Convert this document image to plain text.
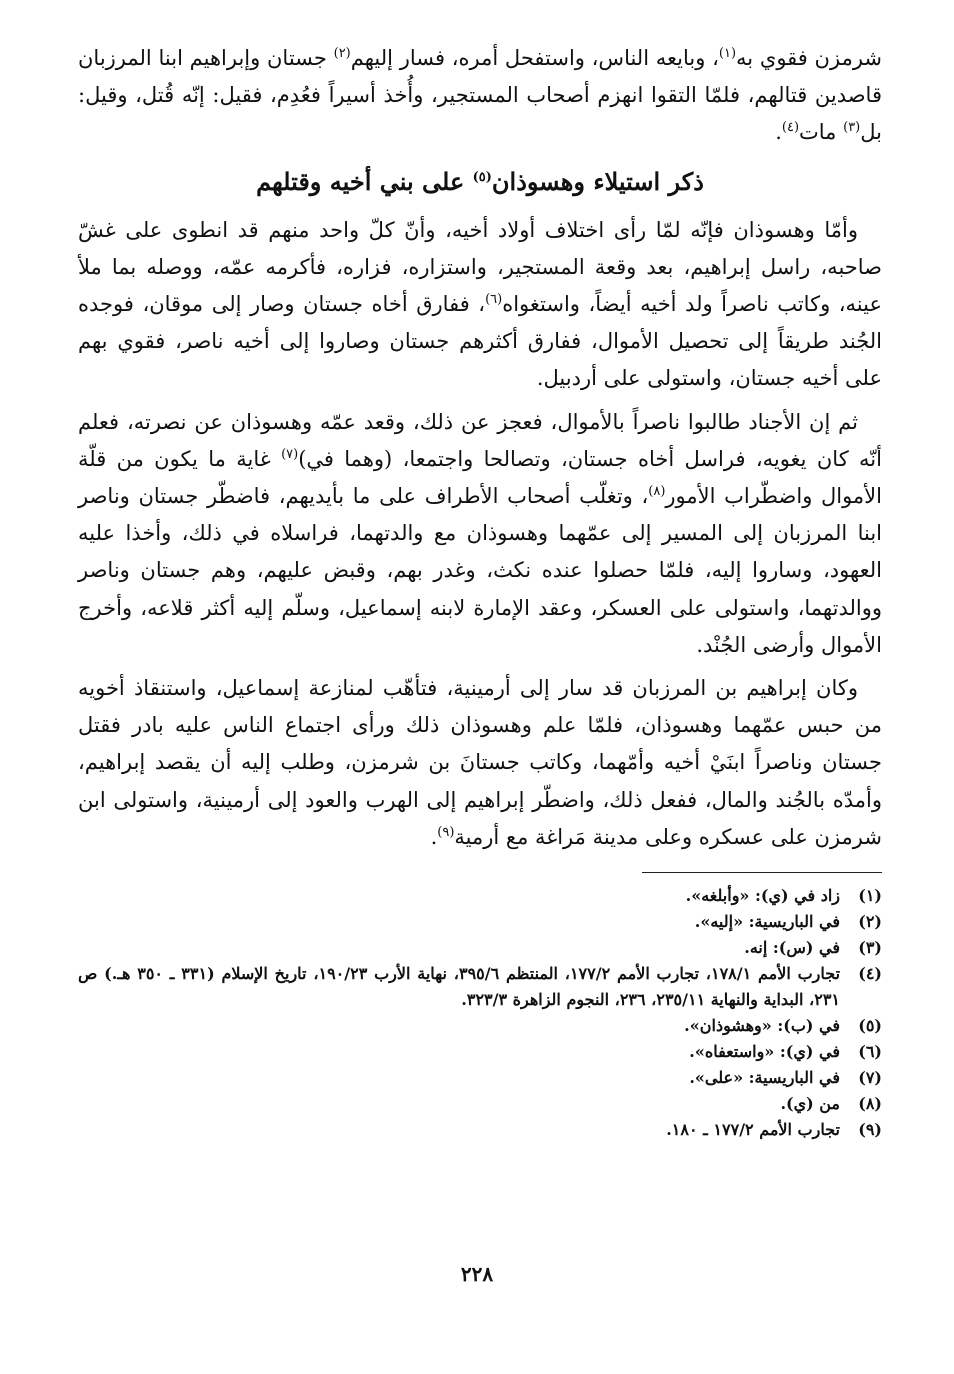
شرمزن فقوي به$^{(١)}$، وبايعه الناس، واستفحل أمره، فسار إليهم$^{(٢)}$ جستان وإبراهيم ابنا المرزبان قاصدين قتالهم، فلمّا التقوا انهزم أصحاب المستجير، وأُخذ أسيراً فعُدِم، فقيل: إنّه قُتل، وقيل: بل$^{(٣)}$ مات$^{(٤)}$.

ذكر استيلاء وهسوذان$^{(٥)}$ على بني أخيه وقتلهم

وأمّا وهسوذان فإنّه لمّا رأى اختلاف أولاد أخيه، وأنّ كلّ واحد منهم قد انطوى على غشّ صاحبه، راسل إبراهيم، بعد وقعة المستجير، واستزاره، فزاره، فأكرمه عمّه، ووصله بما ملأ عينه، وكاتب ناصراً ولد أخيه أيضاً، واستغواه$^{(٦)}$، ففارق أخاه جستان وصار إلى موقان، فوجده الجُند طريقاً إلى تحصيل الأموال، ففارق أكثرهم جستان وصاروا إلى أخيه ناصر، فقوي بهم على أخيه جستان، واستولى على أردبيل.

ثم إن الأجناد طالبوا ناصراً بالأموال، فعجز عن ذلك، وقعد عمّه وهسوذان عن نصرته، فعلم أنّه كان يغويه، فراسل أخاه جستان، وتصالحا واجتمعا، (وهما في)$^{(٧)}$ غاية ما يكون من قلّة الأموال واضطّراب الأمور$^{(٨)}$، وتغلّب أصحاب الأطراف على ما بأيديهم، فاضطّر جستان وناصر ابنا المرزبان إلى المسير إلى عمّهما وهسوذان مع والدتهما، فراسلاه في ذلك، وأخذا عليه العهود، وساروا إليه، فلمّا حصلوا عنده نكث، وغدر بهم، وقبض عليهم، وهم جستان وناصر ووالدتهما، واستولى على العسكر، وعقد الإمارة لابنه إسماعيل، وسلّم إليه أكثر قلاعه، وأخرج الأموال وأرضى الجُنْد.

وكان إبراهيم بن المرزبان قد سار إلى أرمينية، فتأهّب لمنازعة إسماعيل، واستنقاذ أخويه من حبس عمّهما وهسوذان، فلمّا علم وهسوذان ذلك ورأى اجتماع الناس عليه بادر فقتل جستان وناصراً ابنَيْ أخيه وأمّهما، وكاتب جستانَ بن شرمزن، وطلب إليه أن يقصد إبراهيم، وأمدّه بالجُند والمال، ففعل ذلك، واضطّر إبراهيم إلى الهرب والعود إلى أرمينية، واستولى ابن شرمزن على عسكره وعلى مدينة مَراغة مع أرمية$^{(٩)}$.

(١)
زاد في (ي): «وأبلغه».
(٢)
في الباريسية: «إليه».
(٣)
في (س): إنه.
(٤)
تجارب الأمم ١٧٨/١، تجارب الأمم ١٧٧/٢، المنتظم ٣٩٥/٦، نهاية الأرب ١٩٠/٢٣، تاريخ الإسلام (٣٣١ ـ ٣٥٠ هـ.) ص ٢٣١، البداية والنهاية ٢٣٥/١١، ٢٣٦، النجوم الزاهرة ٣٢٣/٣.
(٥)
في (ب): «وهشوذان».
(٦)
في (ي): «واستعفاه».
(٧)
في الباريسية: «على».
(٨)
من (ي).
(٩)
تجارب الأمم ١٧٧/٢ ـ ١٨٠.
٢٢٨
